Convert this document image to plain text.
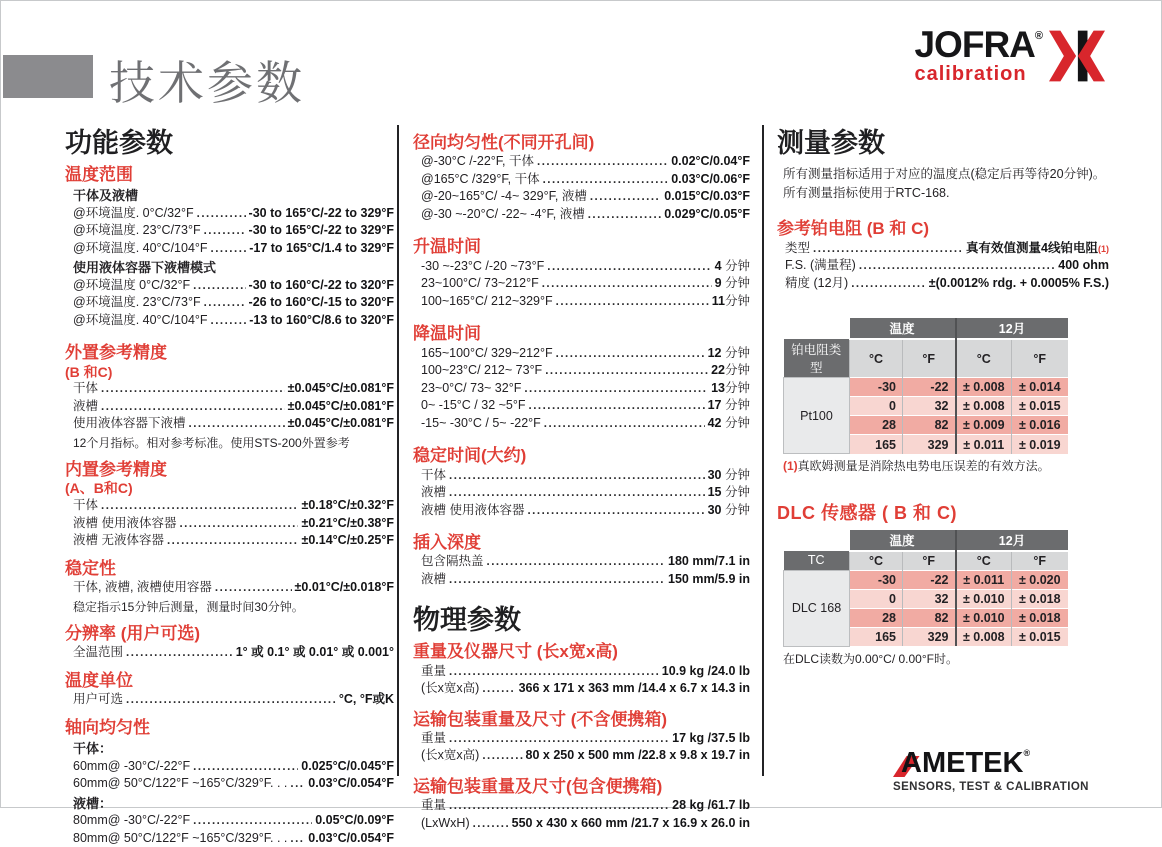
技术参数
JOFRA®
calibration
功能参数
温度范围
干体及液槽
@环境温度. 0°C/32°F .....	-30 to 165°C/-22 to 329°F
@环境温度. 23°C/73°F .....	-30 to 165°C/-22 to 329°F
@环境温度. 40°C/104°F .....	-17 to 165°C/1.4 to 329°F
使用液体容器下液槽模式
@环境温度 0°C/32°F .....	-30 to 160°C/-22 to 320°F
@环境温度. 23°C/73°F .....	-26 to 160°C/-15 to 320°F
@环境温度. 40°C/104°F .....	-13 to 160°C/8.6 to 320°F
外置参考精度
(B 和C)
干体 .....	±0.045°C/±0.081°F
液槽 .....	±0.045°C/±0.081°F
使用液体容器下液槽 .....	±0.045°C/±0.081°F
12个月指标。相对参考标准。使用STS-200外置参考
内置参考精度
(A、B和C)
干体 .....	±0.18°C/±0.32°F
液槽 使用液体容器 .....	±0.21°C/±0.38°F
液槽 无液体容器 .....	±0.14°C/±0.25°F
稳定性
干体, 液槽, 液槽使用容器 .....	±0.01°C/±0.018°F
稳定指示15分钟后测量，测量时间30分钟。
分辨率 (用户可选)
全温范围 .....	1° 或 0.1° 或 0.01° 或 0.001°
温度单位
用户可选 .....	°C, °F或K
轴向均匀性
干体：
60mm@ -30°C/-22°F .....	0.025°C/0.045°F
60mm@ 50°C/122°F ~165°C/329°F. . . ..... 0.03°C/0.054°F
液槽：
80mm@ -30°C/-22°F .....	0.05°C/0.09°F
80mm@ 50°C/122°F ~165°C/329°F. . . ..... 0.03°C/0.054°F
径向均匀性(不同开孔间)
@-30°C /-22°F, 干体 .....	0.02°C/0.04°F
@165°C /329°F, 干体 .....	0.03°C/0.06°F
@-20~165°C/ -4~ 329°F, 液槽 .....	0.015°C/0.03°F
@-30 ~-20°C/ -22~ -4°F, 液槽 .....	0.029°C/0.05°F
升温时间
-30 ~-23°C /-20 ~73°F .....	4 分钟
23~100°C/ 73~212°F .....	9 分钟
100~165°C/ 212~329°F .....	11 分钟
降温时间
165~100°C/ 329~212°F .....	12 分钟
100~23°C/ 212~ 73°F .....	22 分钟
23~0°C/ 73~ 32°F .....	13 分钟
0~ -15°C / 32 ~5°F .....	17 分钟
-15~ -30°C / 5~ -22°F .....	42 分钟
稳定时间(大约)
干体 .....	30 分钟
液槽 .....	15 分钟
液槽 使用液体容器 .....	30 分钟
插入深度
包含隔热盖 .....	180 mm/7.1 in
液槽 .....	150 mm/5.9 in
物理参数
重量及仪器尺寸 (长x宽x高)
重量 .....	10.9 kg /24.0 lb
(长x宽x高) .....	366 x 171 x 363 mm /14.4 x 6.7 x 14.3 in
运输包装重量及尺寸 (不含便携箱)
重量 .....	17 kg /37.5 lb
(长x宽x高) .....	80 x 250 x 500 mm /22.8 x 9.8 x 19.7 in
运输包装重量及尺寸(包含便携箱)
重量 .....	28 kg /61.7 lb
(LxWxH) .....	550 x 430 x 660 mm /21.7 x 16.9 x 26.0 in
测量参数
所有测量指标适用于对应的温度点(稳定后再等待20分钟)。
所有测量指标使用于RTC-168.
参考铂电阻 (B 和 C)
类型 .....	真有效值测量4线铂电阻 (1)
F.S. (满量程) .....	400 ohm
精度 (12月) .....	±(0.0012% rdg. + 0.0005% F.S.)
	温度		12月	
铂电阻类型	°C	°F	°C	°F
Pt100	-30	-22	± 0.008	± 0.014
	0	32	± 0.008	± 0.015
	28	82	± 0.009	± 0.016
	165	329	± 0.011	± 0.019
(1)真欧姆测量是消除热电势电压误差的有效方法。
DLC 传感器 ( B 和 C)
	温度		12月	
TC	°C	°F	°C	°F
DLC 168	-30	-22	± 0.011	± 0.020
	0	32	± 0.010	± 0.018
	28	82	± 0.010	± 0.018
	165	329	± 0.008	± 0.015
在DLC读数为0.00°C/ 0.00°F时。
AMETEK®
SENSORS, TEST & CALIBRATION
